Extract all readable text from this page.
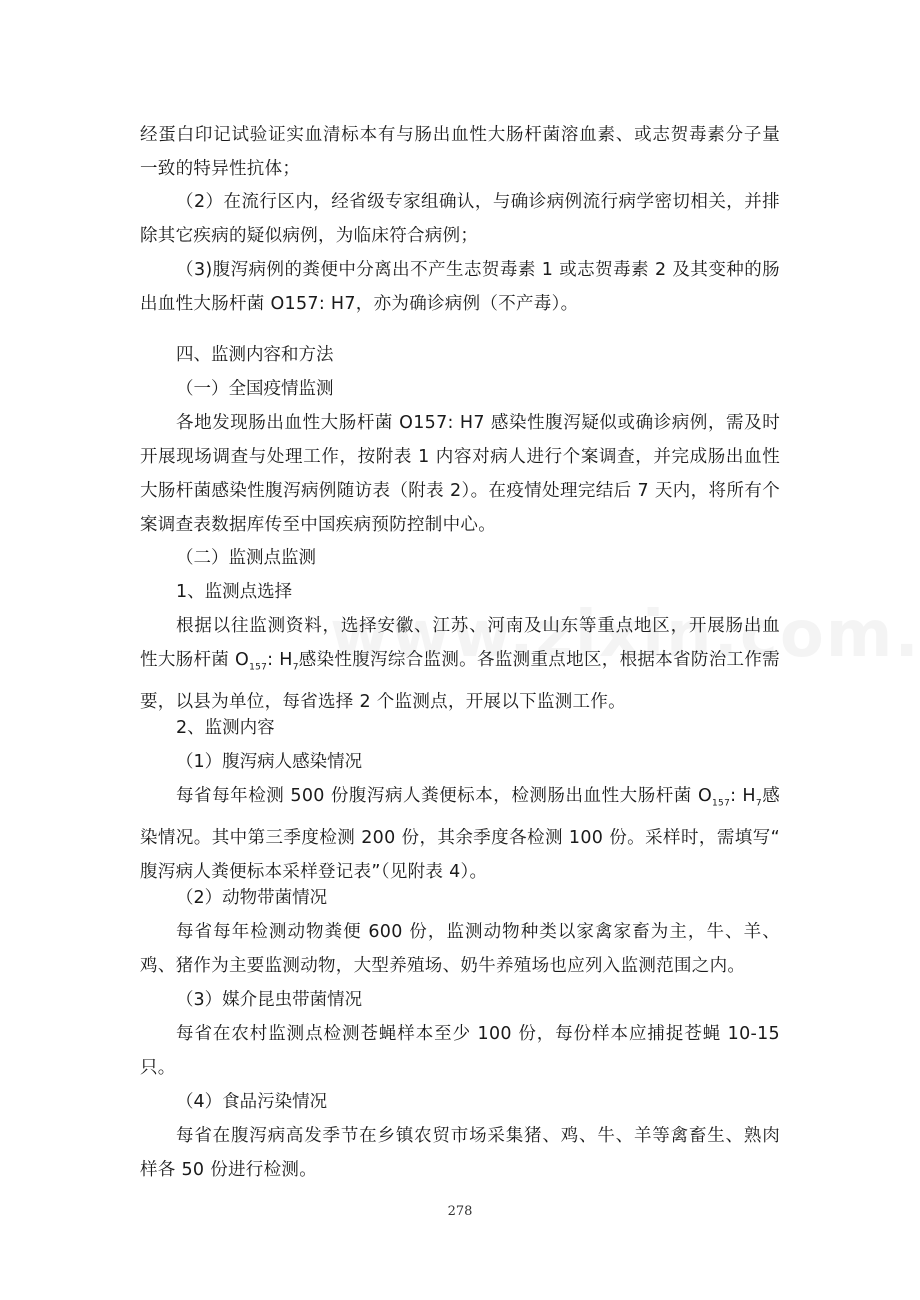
经蛋白印记试验证实血清标本有与肠出血性大肠杆菌溶血素、或志贺毒素分子量一致的特异性抗体；

（2）在流行区内，经省级专家组确认，与确诊病例流行病学密切相关，并排除其它疾病的疑似病例，为临床符合病例；

（3)腹泻病例的粪便中分离出不产生志贺毒素 1 或志贺毒素 2 及其变种的肠出血性大肠杆菌 O157: H7，亦为确诊病例（不产毒）。

四、监测内容和方法

（一）全国疫情监测

各地发现肠出血性大肠杆菌 O157: H7 感染性腹泻疑似或确诊病例，需及时开展现场调查与处理工作，按附表 1 内容对病人进行个案调查，并完成肠出血性大肠杆菌感染性腹泻病例随访表（附表 2）。在疫情处理完结后 7 天内，将所有个案调查表数据库传至中国疾病预防控制中心。

（二）监测点监测

1、监测点选择

根据以往监测资料，选择安徽、江苏、河南及山东等重点地区，开展肠出血性大肠杆菌 $O_{157}$: $H_7$感染性腹泻综合监测。各监测重点地区，根据本省防治工作需要，以县为单位，每省选择 2 个监测点，开展以下监测工作。

2、监测内容

（1）腹泻病人感染情况

每省每年检测 500 份腹泻病人粪便标本，检测肠出血性大肠杆菌 $O_{157}$: $H_7$感染情况。其中第三季度检测 200 份，其余季度各检测 100 份。采样时，需填写“ 腹泻病人粪便标本采样登记表”（见附表 4）。

（2）动物带菌情况

每省每年检测动物粪便 600 份，监测动物种类以家禽家畜为主，牛、羊、鸡、猪作为主要监测动物，大型养殖场、奶牛养殖场也应列入监测范围之内。

（3）媒介昆虫带菌情况

每省在农村监测点检测苍蝇样本至少 100 份，每份样本应捕捉苍蝇 10-15 只。

（4）食品污染情况

每省在腹泻病高发季节在乡镇农贸市场采集猪、鸡、牛、羊等禽畜生、熟肉样各 50 份进行检测。

278
